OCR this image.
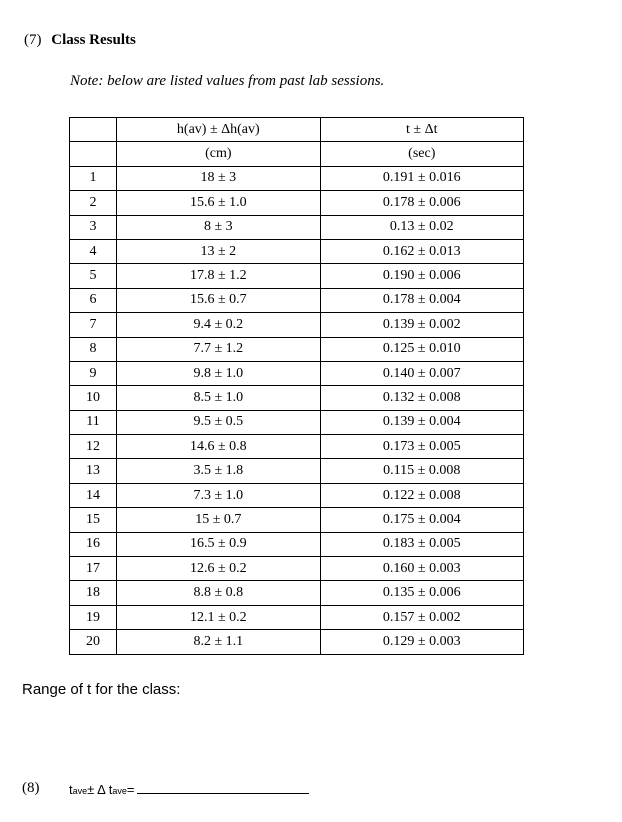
(7) Class Results
Note: below are listed values from past lab sessions.
	h(av) ± Δh(av)	t ± Δt
	(cm)	(sec)
1	18 ± 3	0.191 ± 0.016
2	15.6 ± 1.0	0.178 ± 0.006
3	8 ± 3	0.13 ± 0.02
4	13 ± 2	0.162 ± 0.013
5	17.8 ± 1.2	0.190 ± 0.006
6	15.6 ± 0.7	0.178 ± 0.004
7	9.4 ± 0.2	0.139 ± 0.002
8	7.7 ± 1.2	0.125 ± 0.010
9	9.8 ± 1.0	0.140 ± 0.007
10	8.5 ± 1.0	0.132 ± 0.008
11	9.5 ± 0.5	0.139 ± 0.004
12	14.6 ± 0.8	0.173 ± 0.005
13	3.5 ± 1.8	0.115 ± 0.008
14	7.3 ± 1.0	0.122 ± 0.008
15	15 ± 0.7	0.175 ± 0.004
16	16.5 ± 0.9	0.183 ± 0.005
17	12.6 ± 0.2	0.160 ± 0.003
18	8.8 ± 0.8	0.135 ± 0.006
19	12.1 ± 0.2	0.157 ± 0.002
20	8.2 ± 1.1	0.129 ± 0.003
Range of t for the class:
(8) t ave ± Δ t ave =
